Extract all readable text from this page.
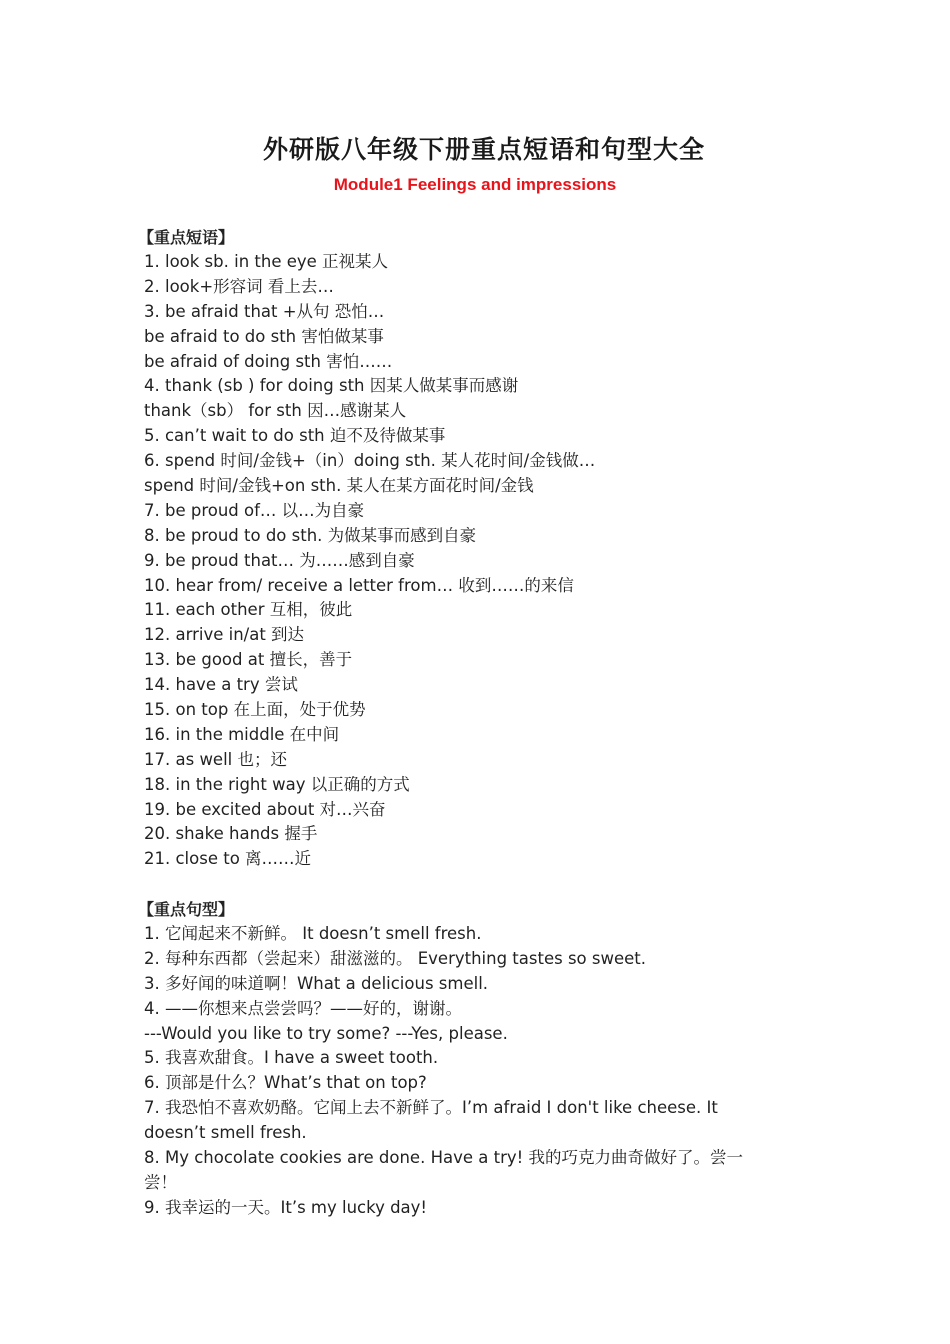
外研版八年级下册重点短语和句型大全
Module1 Feelings and impressions
【重点短语】
1. look sb. in the eye 正视某人
2. look+形容词 看上去…
3. be afraid that +从句 恐怕…
be afraid to do sth 害怕做某事
be afraid of doing sth 害怕……
4. thank (sb ) for doing sth 因某人做某事而感谢
thank（sb） for sth 因…感谢某人
5. can’t wait to do sth 迫不及待做某事
6. spend 时间/金钱+（in）doing sth. 某人花时间/金钱做…
spend 时间/金钱+on sth. 某人在某方面花时间/金钱
7. be proud of… 以…为自豪
8. be proud to do sth. 为做某事而感到自豪
9. be proud that… 为……感到自豪
10. hear from/ receive a letter from… 收到……的来信
11. each other 互相，彼此
12. arrive in/at 到达
13. be good at 擅长，善于
14. have a try 尝试
15. on top 在上面，处于优势
16. in the middle 在中间
17. as well 也；还
18. in the right way 以正确的方式
19. be excited about 对…兴奋
20. shake hands 握手
21. close to 离……近
【重点句型】
1. 它闻起来不新鲜。 It doesn’t smell fresh.
2. 每种东西都（尝起来）甜滋滋的。 Everything tastes so sweet.
3. 多好闻的味道啊！What a delicious smell.
4. ——你想来点尝尝吗？——好的，谢谢。
---Would you like to try some? ---Yes, please.
5. 我喜欢甜食。I have a sweet tooth.
6. 顶部是什么？What’s that on top?
7. 我恐怕不喜欢奶酪。它闻上去不新鲜了。I’m afraid I don't like cheese. It
doesn’t smell fresh.
8. My chocolate cookies are done. Have a try! 我的巧克力曲奇做好了。尝一
尝！
9. 我幸运的一天。It’s my lucky day!
